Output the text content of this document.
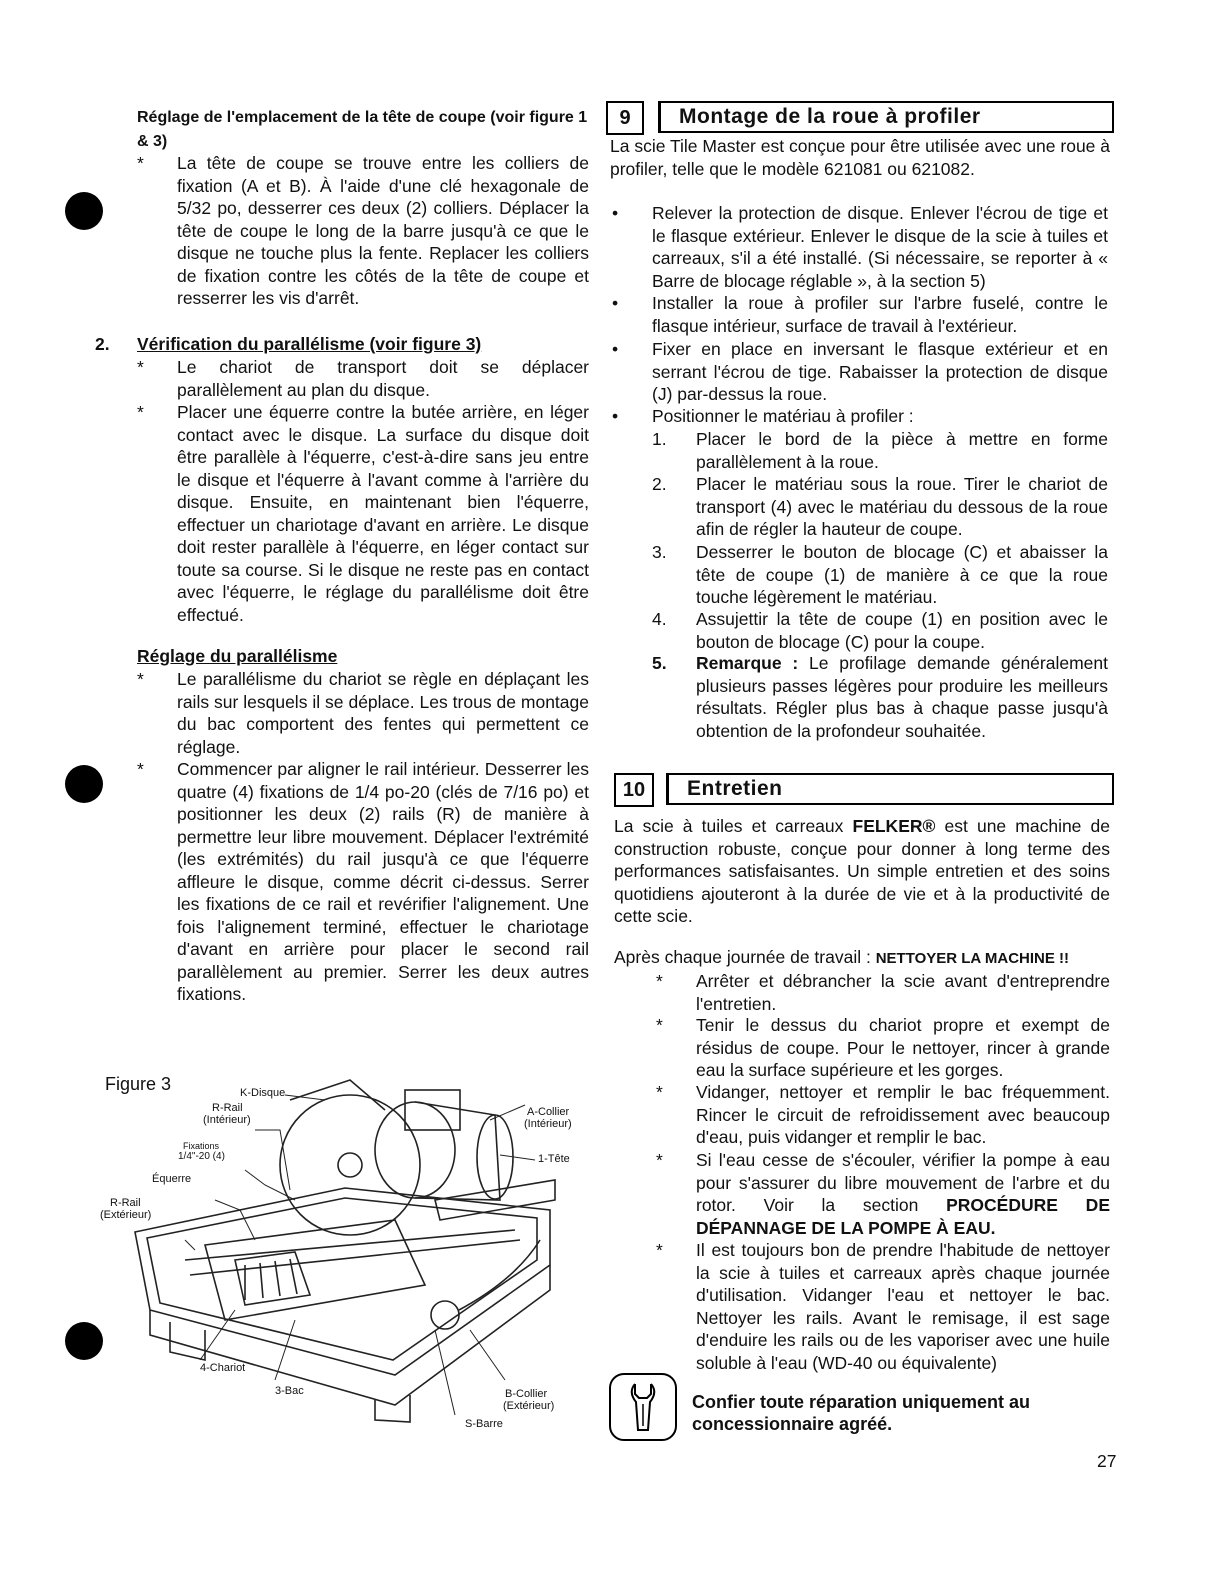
Réglage de l'emplacement de la tête de coupe (voir figure 1 & 3)
* La tête de coupe se trouve entre les colliers de fixation (A et B). À l'aide d'une clé hexagonale de 5/32 po, desserrer ces deux (2) colliers. Déplacer la tête de coupe le long de la barre jusqu'à ce que le disque ne touche plus la fente. Replacer les colliers de fixation contre les côtés de la tête de coupe et resserrer les vis d'arrêt.
2. Vérification du parallélisme (voir figure 3)
* Le chariot de transport doit se déplacer parallèlement au plan du disque.
* Placer une équerre contre la butée arrière, en léger contact avec le disque. La surface du disque doit être parallèle à l'équerre, c'est-à-dire sans jeu entre le disque et l'équerre à l'avant comme à l'arrière du disque. Ensuite, en maintenant bien l'équerre, effectuer un chariotage d'avant en arrière. Le disque doit rester parallèle à l'équerre, en léger contact sur toute sa course. Si le disque ne reste pas en contact avec l'équerre, le réglage du parallélisme doit être effectué.
Réglage du parallélisme
* Le parallélisme du chariot se règle en déplaçant les rails sur lesquels il se déplace. Les trous de montage du bac comportent des fentes qui permettent ce réglage.
* Commencer par aligner le rail intérieur. Desserrer les quatre (4) fixations de 1/4 po-20 (clés de 7/16 po) et positionner les deux (2) rails (R) de manière à permettre leur libre mouvement. Déplacer l'extrémité (les extrémités) du rail jusqu'à ce que l'équerre affleure le disque, comme décrit ci-dessus. Serrer les fixations de ce rail et revérifier l'alignement. Une fois l'alignement terminé, effectuer le chariotage d'avant en arrière pour placer le second rail parallèlement au premier. Serrer les deux autres fixations.
Figure 3	K-Disque
R-Rail
(Intérieur)
Fixations
1/4"-20 (4)
Équerre
R-Rail
(Extérieur)
A-Collier
(Intérieur)
1-Tête
4-Chariot
3-Bac	B-Collier
(Extérieur)
S-Barre
9	Montage de la roue à profiler
La scie Tile Master est conçue pour être utilisée avec une roue à profiler, telle que le modèle 621081 ou 621082.
• Relever la protection de disque. Enlever l'écrou de tige et le flasque extérieur. Enlever le disque de la scie à tuiles et carreaux, s'il a été installé. (Si nécessaire, se reporter à « Barre de blocage réglable », à la section 5)
• Installer la roue à profiler sur l'arbre fuselé, contre le flasque intérieur, surface de travail à l'extérieur.
• Fixer en place en inversant le flasque extérieur et en serrant l'écrou de tige. Rabaisser la protection de disque (J) par-dessus la roue.
• Positionner le matériau à profiler :
1. Placer le bord de la pièce à mettre en forme parallèlement à la roue.
2. Placer le matériau sous la roue. Tirer le chariot de transport (4) avec le matériau du dessous de la roue afin de régler la hauteur de coupe.
3. Desserrer le bouton de blocage (C) et abaisser la tête de coupe (1) de manière à ce que la roue touche légèrement le matériau.
4. Assujettir la tête de coupe (1) en position avec le bouton de blocage (C) pour la coupe.
5. Remarque : Le profilage demande généralement plusieurs passes légères pour produire les meilleurs résultats. Régler plus bas à chaque passe jusqu'à obtention de la profondeur souhaitée.
10	Entretien
La scie à tuiles et carreaux FELKER® est une machine de construction robuste, conçue pour donner à long terme des performances satisfaisantes. Un simple entretien et des soins quotidiens ajouteront à la durée de vie et à la productivité de cette scie.
Après chaque journée de travail : NETTOYER LA MACHINE !!
* Arrêter et débrancher la scie avant d'entreprendre l'entretien.
* Tenir le dessus du chariot propre et exempt de résidus de coupe. Pour le nettoyer, rincer à grande eau la surface supérieure et les gorges.
* Vidanger, nettoyer et remplir le bac fréquemment. Rincer le circuit de refroidissement avec beaucoup d'eau, puis vidanger et remplir le bac.
* Si l'eau cesse de s'écouler, vérifier la pompe à eau pour s'assurer du libre mouvement de l'arbre et du rotor. Voir la section PROCÉDURE DE DÉPANNAGE DE LA POMPE À EAU.
* Il est toujours bon de prendre l'habitude de nettoyer la scie à tuiles et carreaux après chaque journée d'utilisation. Vidanger l'eau et nettoyer le bac. Nettoyer les rails. Avant le remisage, il est sage d'enduire les rails ou de les vaporiser avec une huile soluble à l'eau (WD-40 ou équivalente)
Confier toute réparation uniquement au concessionnaire agréé.
27
